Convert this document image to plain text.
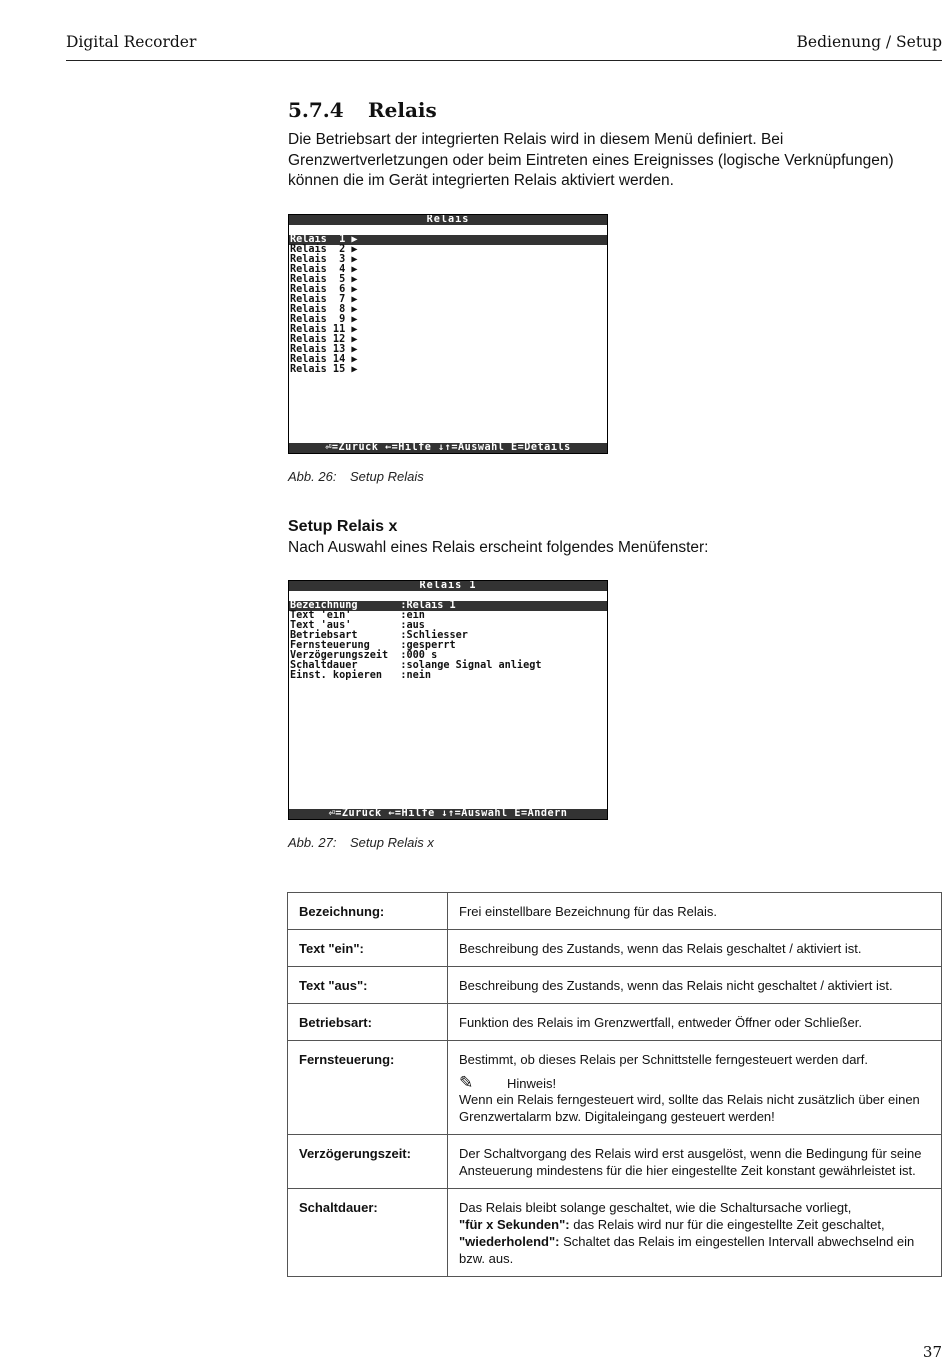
Digital Recorder	Bedienung / Setup
5.7.4 Relais
Die Betriebsart der integrierten Relais wird in diesem Menü definiert. Bei Grenzwertverletzungen oder beim Eintreten eines Ereignisses (logische Verknüpfungen) können die im Gerät integrierten Relais aktiviert werden.
Relais
Relais  1 ▶
Relais  2 ▶
Relais  3 ▶
Relais  4 ▶
Relais  5 ▶
Relais  6 ▶
Relais  7 ▶
Relais  8 ▶
Relais  9 ▶
Relais 11 ▶
Relais 12 ▶
Relais 13 ▶
Relais 14 ▶
Relais 15 ▶
⏎=Zurück ←=Hilfe ↓↑=Auswahl E=Details
Abb. 26: Setup Relais
Setup Relais x
Nach Auswahl eines Relais erscheint folgendes Menüfenster:
Relais 1
Bezeichnung       :Relais 1
Text 'ein'        :ein
Text 'aus'        :aus
Betriebsart       :Schliesser
Fernsteuerung     :gesperrt
Verzögerungszeit  :000 s
Schaltdauer       :solange Signal anliegt
Einst. kopieren   :nein
⏎=Zurück ←=Hilfe ↓↑=Auswahl E=Ändern
Abb. 27: Setup Relais x
Bezeichnung:	Frei einstellbare Bezeichnung für das Relais.
Text "ein":	Beschreibung des Zustands, wenn das Relais geschaltet / aktiviert ist.
Text "aus":	Beschreibung des Zustands, wenn das Relais nicht geschaltet / aktiviert ist.
Betriebsart:	Funktion des Relais im Grenzwertfall, entweder Öffner oder Schließer.
Fernsteuerung:	Bestimmt, ob dieses Relais per Schnittstelle ferngesteuert werden darf.
✎ Hinweis!
Wenn ein Relais ferngesteuert wird, sollte das Relais nicht zusätzlich über einen Grenzwertalarm bzw. Digitaleingang gesteuert werden!

Verzögerungszeit:	Der Schaltvorgang des Relais wird erst ausgelöst, wenn die Bedingung für seine Ansteuerung mindestens für die hier eingestellte Zeit konstant gewährleistet ist.
Schaltdauer:	Das Relais bleibt solange geschaltet, wie die Schaltursache vorliegt,
"für x Sekunden": das Relais wird nur für die eingestellte Zeit geschaltet,
"wiederholend": Schaltet das Relais im eingestellen Intervall abwechselnd ein bzw. aus.
37
